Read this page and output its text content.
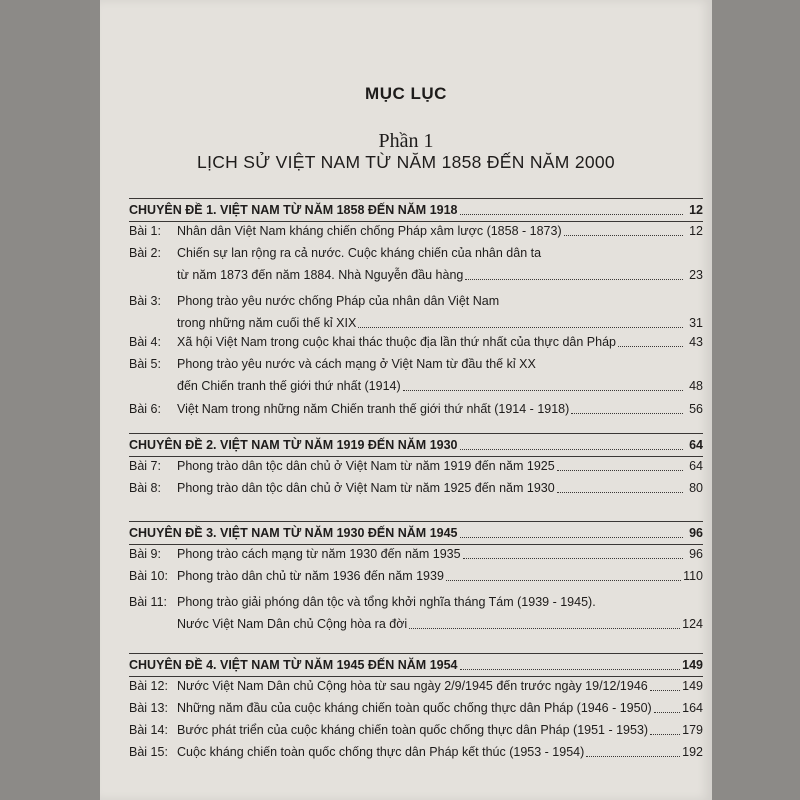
MỤC LỤC
Phần 1
LỊCH SỬ VIỆT NAM TỪ NĂM 1858 ĐẾN NĂM 2000
CHUYÊN ĐỀ 1. VIỆT NAM TỪ NĂM 1858 ĐẾN NĂM 1918	12
Bài 1:	Nhân dân Việt Nam kháng chiến chống Pháp xâm lược (1858 - 1873)	12
Bài 2:	Chiến sự lan rộng ra cả nước. Cuộc kháng chiến của nhân dân ta
từ năm 1873 đến năm 1884. Nhà Nguyễn đầu hàng	23
Bài 3:	Phong trào yêu nước chống Pháp của nhân dân Việt Nam
trong những năm cuối thế kỉ XIX	31
Bài 4:	Xã hội Việt Nam trong cuộc khai thác thuộc địa lần thứ nhất của thực dân Pháp	43
Bài 5:	Phong trào yêu nước và cách mạng ở Việt Nam từ đầu thế kỉ XX
đến Chiến tranh thế giới thứ nhất (1914)	48
Bài 6:	Việt Nam trong những năm Chiến tranh thế giới thứ nhất (1914 - 1918)	56
CHUYÊN ĐỀ 2. VIỆT NAM TỪ NĂM 1919 ĐẾN NĂM 1930	64
Bài 7:	Phong trào dân tộc dân chủ ở Việt Nam từ năm 1919 đến năm 1925	64
Bài 8:	Phong trào dân tộc dân chủ ở Việt Nam từ năm 1925 đến năm 1930	80
CHUYÊN ĐỀ 3. VIỆT NAM TỪ NĂM 1930 ĐẾN NĂM 1945	96
Bài 9:	Phong trào cách mạng từ năm 1930 đến năm 1935	96
Bài 10: Phong trào dân chủ từ năm 1936 đến năm 1939	110
Bài 11: Phong trào giải phóng dân tộc và tổng khởi nghĩa tháng Tám (1939 - 1945).
Nước Việt Nam Dân chủ Cộng hòa ra đời	124
CHUYÊN ĐỀ 4. VIỆT NAM TỪ NĂM 1945 ĐẾN NĂM 1954	149
Bài 12: Nước Việt Nam Dân chủ Cộng hòa từ sau ngày 2/9/1945 đến trước ngày 19/12/1946	149
Bài 13: Những năm đầu của cuộc kháng chiến toàn quốc chống thực dân Pháp (1946 - 1950) 164
Bài 14: Bước phát triển của cuộc kháng chiến toàn quốc chống thực dân Pháp (1951 - 1953)	179
Bài 15: Cuộc kháng chiến toàn quốc chống thực dân Pháp kết thúc (1953 - 1954)	192
